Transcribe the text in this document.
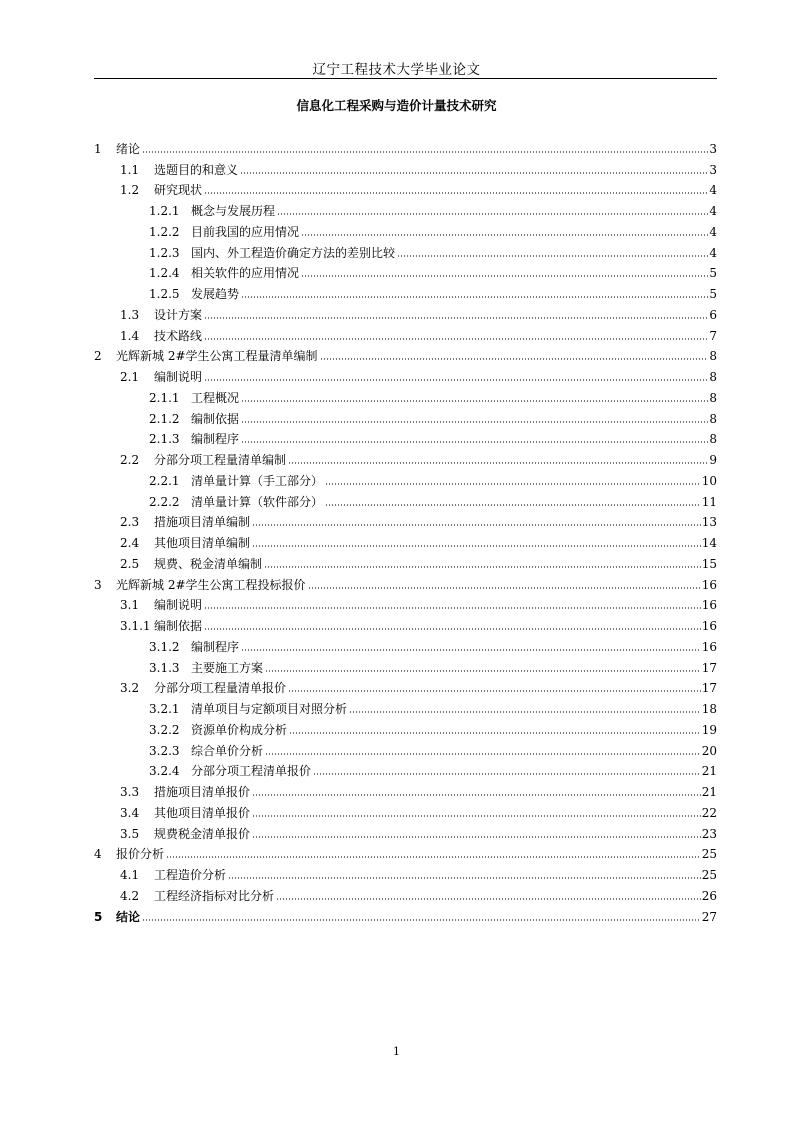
辽宁工程技术大学毕业论文
信息化工程采购与造价计量技术研究
1	绪论	3
1.1	选题目的和意义	3
1.2	研究现状	4
1.2.1 概念与发展历程	4
1.2.2 目前我国的应用情况	4
1.2.3 国内、外工程造价确定方法的差别比较	4
1.2.4 相关软件的应用情况	5
1.2.5 发展趋势	5
1.3	设计方案	6
1.4	技术路线	7
2	光辉新城 2#学生公寓工程量清单编制	8
2.1	编制说明	8
2.1.1 工程概况	8
2.1.2 编制依据	8
2.1.3 编制程序	8
2.2	分部分项工程量清单编制	9
2.2.1 清单量计算（手工部分）	10
2.2.2 清单量计算（软件部分）	11
2.3	措施项目清单编制	13
2.4	其他项目清单编制	14
2.5	规费、税金清单编制	15
3	光辉新城 2#学生公寓工程投标报价	16
3.1	编制说明	16
3.1.1 编制依据	16
3.1.2 编制程序	16
3.1.3 主要施工方案	17
3.2	分部分项工程量清单报价	17
3.2.1 清单项目与定额项目对照分析	18
3.2.2 资源单价构成分析	19
3.2.3 综合单价分析	20
3.2.4 分部分项工程清单报价	21
3.3	措施项目清单报价	21
3.4	其他项目清单报价	22
3.5	规费税金清单报价	23
4	报价分析	25
4.1	工程造价分析	25
4.2	工程经济指标对比分析	26
5	结论	27
1
